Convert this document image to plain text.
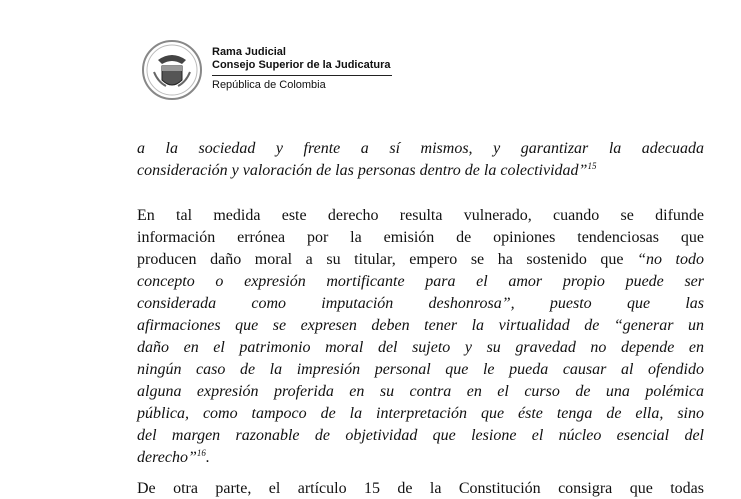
Rama Judicial
Consejo Superior de la Judicatura
República de Colombia
a la sociedad y frente a sí mismos, y garantizar la adecuada
consideración y valoración de las personas dentro de la colectividad”$^{15}$
En tal medida este derecho resulta vulnerado, cuando se difunde
información errónea por la emisión de opiniones tendenciosas que
producen daño moral a su titular, empero se ha sostenido que “no todo
concepto o expresión mortificante para el amor propio puede ser
considerada como imputación deshonrosa”, puesto que las
afirmaciones que se expresen deben tener la virtualidad de “generar un
daño en el patrimonio moral del sujeto y su gravedad no depende en
ningún caso de la impresión personal que le pueda causar al ofendido
alguna expresión proferida en su contra en el curso de una polémica
pública, como tampoco de la interpretación que éste tenga de ella, sino
del margen razonable de objetividad que lesione el núcleo esencial del
derecho”$^{16}$.
De otra parte, el artículo 15 de la Constitución consigra que todas
